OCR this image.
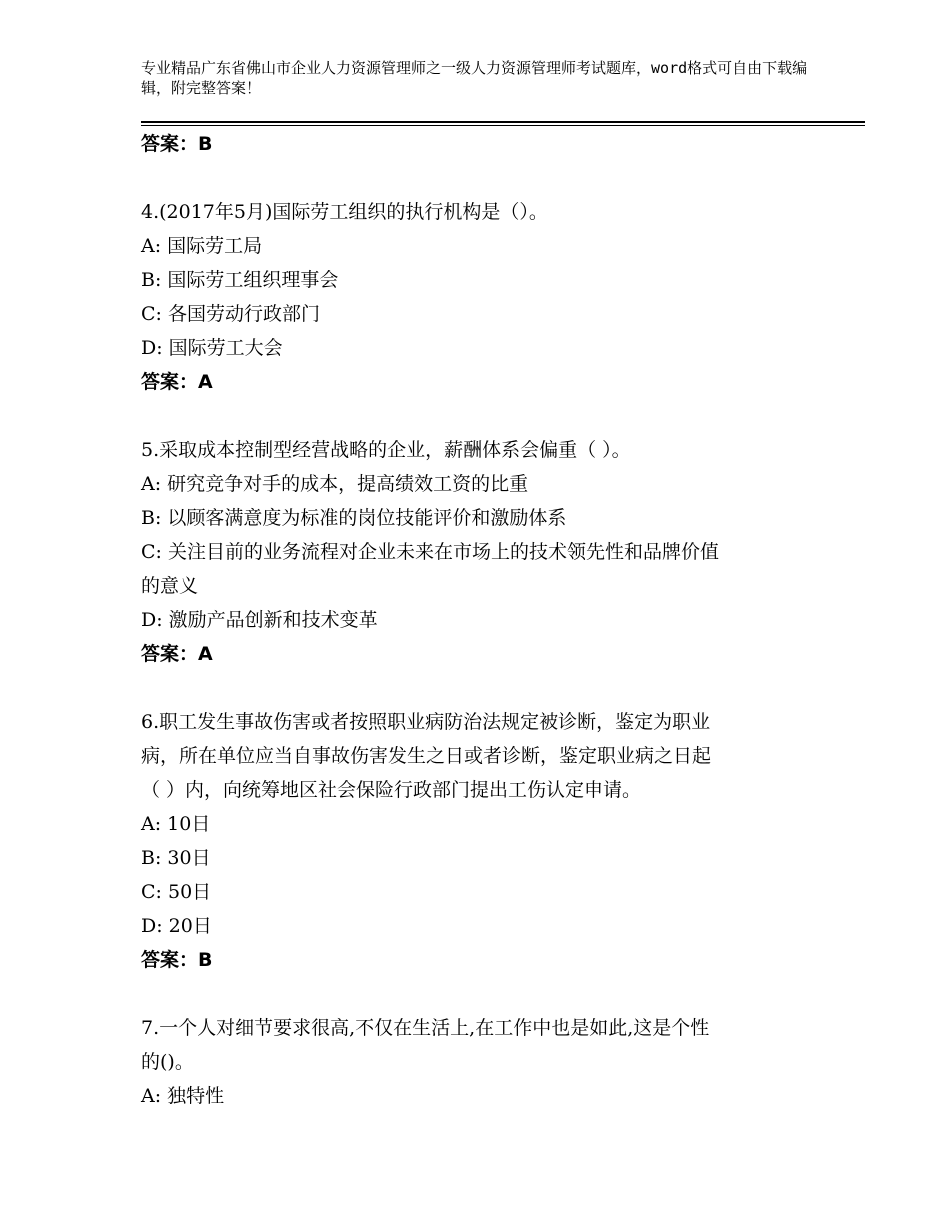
专业精品广东省佛山市企业人力资源管理师之一级人力资源管理师考试题库，word格式可自由下载编辑，附完整答案！

答案：B

4.(2017年5月)国际劳工组织的执行机构是（）。

A: 国际劳工局

B: 国际劳工组织理事会

C: 各国劳动行政部门

D: 国际劳工大会

答案：A

5.采取成本控制型经营战略的企业，薪酬体系会偏重（ ）。

A: 研究竞争对手的成本，提高绩效工资的比重

B: 以顾客满意度为标准的岗位技能评价和激励体系

C: 关注目前的业务流程对企业未来在市场上的技术领先性和品牌价值

的意义

D: 激励产品创新和技术变革

答案：A

6.职工发生事故伤害或者按照职业病防治法规定被诊断，鉴定为职业

病，所在单位应当自事故伤害发生之日或者诊断，鉴定职业病之日起

（ ）内，向统筹地区社会保险行政部门提出工伤认定申请。

A: 10日

B: 30日

C: 50日

D: 20日

答案：B

7.一个人对细节要求很高,不仅在生活上,在工作中也是如此,这是个性

的()。

A: 独特性
